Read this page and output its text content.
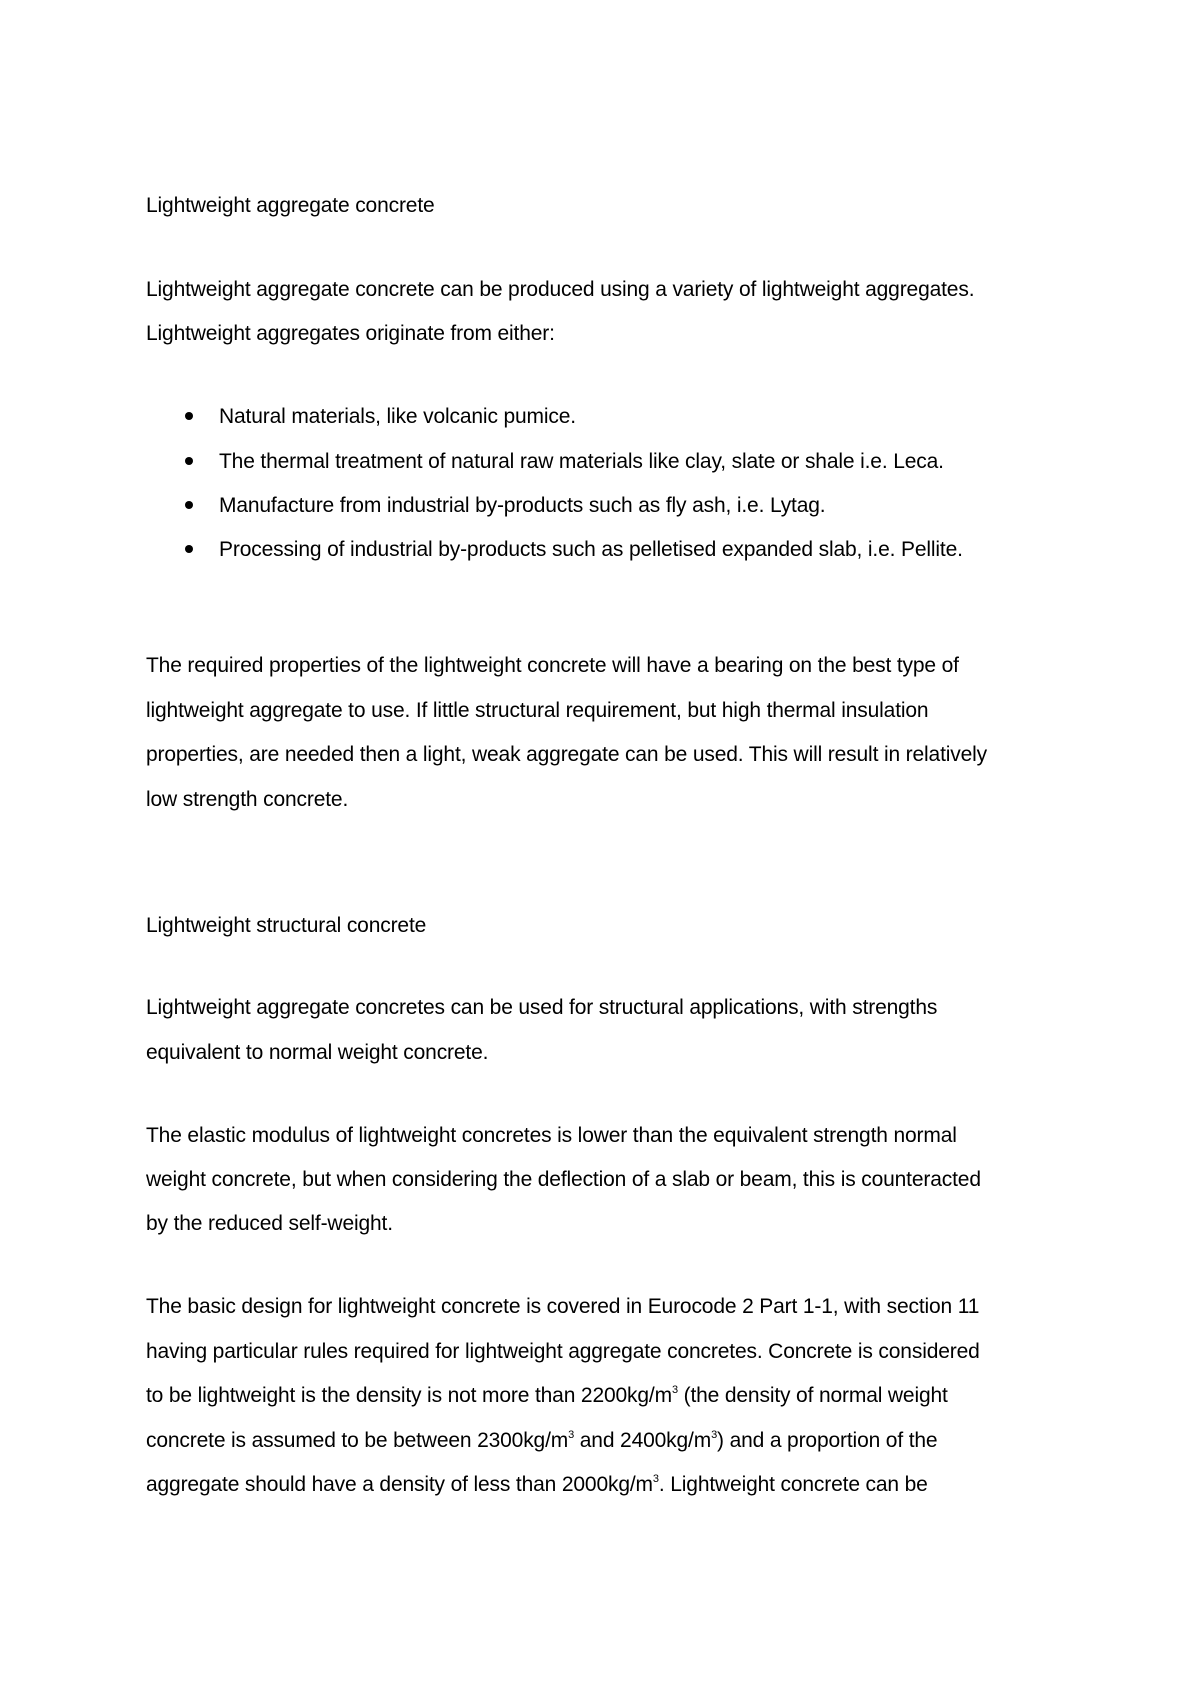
Lightweight aggregate concrete

Lightweight aggregate concrete can be produced using a variety of lightweight aggregates.

Lightweight aggregates originate from either:

Natural materials, like volcanic pumice.
The thermal treatment of natural raw materials like clay, slate or shale i.e. Leca.
Manufacture from industrial by-products such as fly ash, i.e. Lytag.
Processing of industrial by-products such as pelletised expanded slab, i.e. Pellite.

The required properties of the lightweight concrete will have a bearing on the best type of

lightweight aggregate to use. If little structural requirement, but high thermal insulation

properties, are needed then a light, weak aggregate can be used. This will result in relatively

low strength concrete.

Lightweight structural concrete

Lightweight aggregate concretes can be used for structural applications, with strengths

equivalent to normal weight concrete.

The elastic modulus of lightweight concretes is lower than the equivalent strength normal

weight concrete, but when considering the deflection of a slab or beam, this is counteracted

by the reduced self-weight.

The basic design for lightweight concrete is covered in Eurocode 2 Part 1-1, with section 11

having particular rules required for lightweight aggregate concretes. Concrete is considered

to be lightweight is the density is not more than $2200kg/m^3$ (the density of normal weight

concrete is assumed to be between $2300kg/m^3$ and $2400kg/m^3$) and a proportion of the

aggregate should have a density of less than $2000kg/m^3$. Lightweight concrete can be
